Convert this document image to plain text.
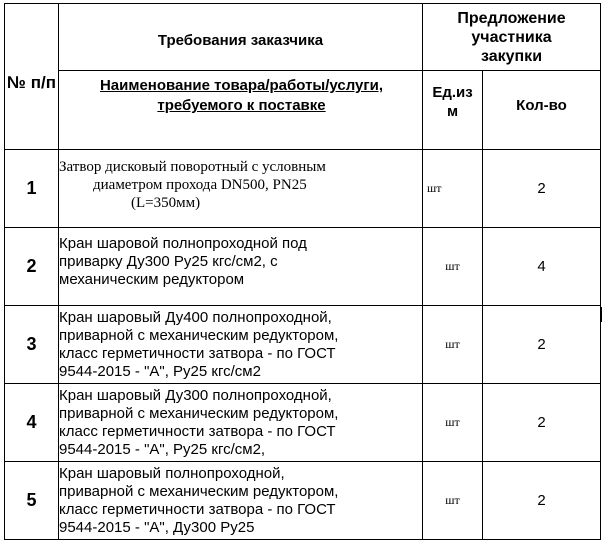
№ п/п	Требования заказчика	Предложение участника закупки	
	Наименование товара/работы/услуги, требуемого к поставке	Ед.из м	Кол-во
1	Затвор дисковый поворотный с условным
диаметром прохода DN500, PN25
(L=350мм)	шт	2
2	Кран шаровой полнопроходной под
приварку Ду300 Ру25 кгс/см2, с
механическим редуктором	шт	4
3	Кран шаровый Ду400 полнопроходной,
приварной с механическим редуктором,
класс герметичности затвора - по ГОСТ
9544-2015 - "А", Ру25 кгс/см2	шт	2
4	Кран шаровый Ду300 полнопроходной,
приварной с механическим редуктором,
класс герметичности затвора - по ГОСТ
9544-2015 - "А", Ру25 кгс/см2,	шт	2
5	Кран шаровый полнопроходной,
приварной с механическим редуктором,
класс герметичности затвора - по ГОСТ
9544-2015 - "А", Ду300 Ру25	шт	2
